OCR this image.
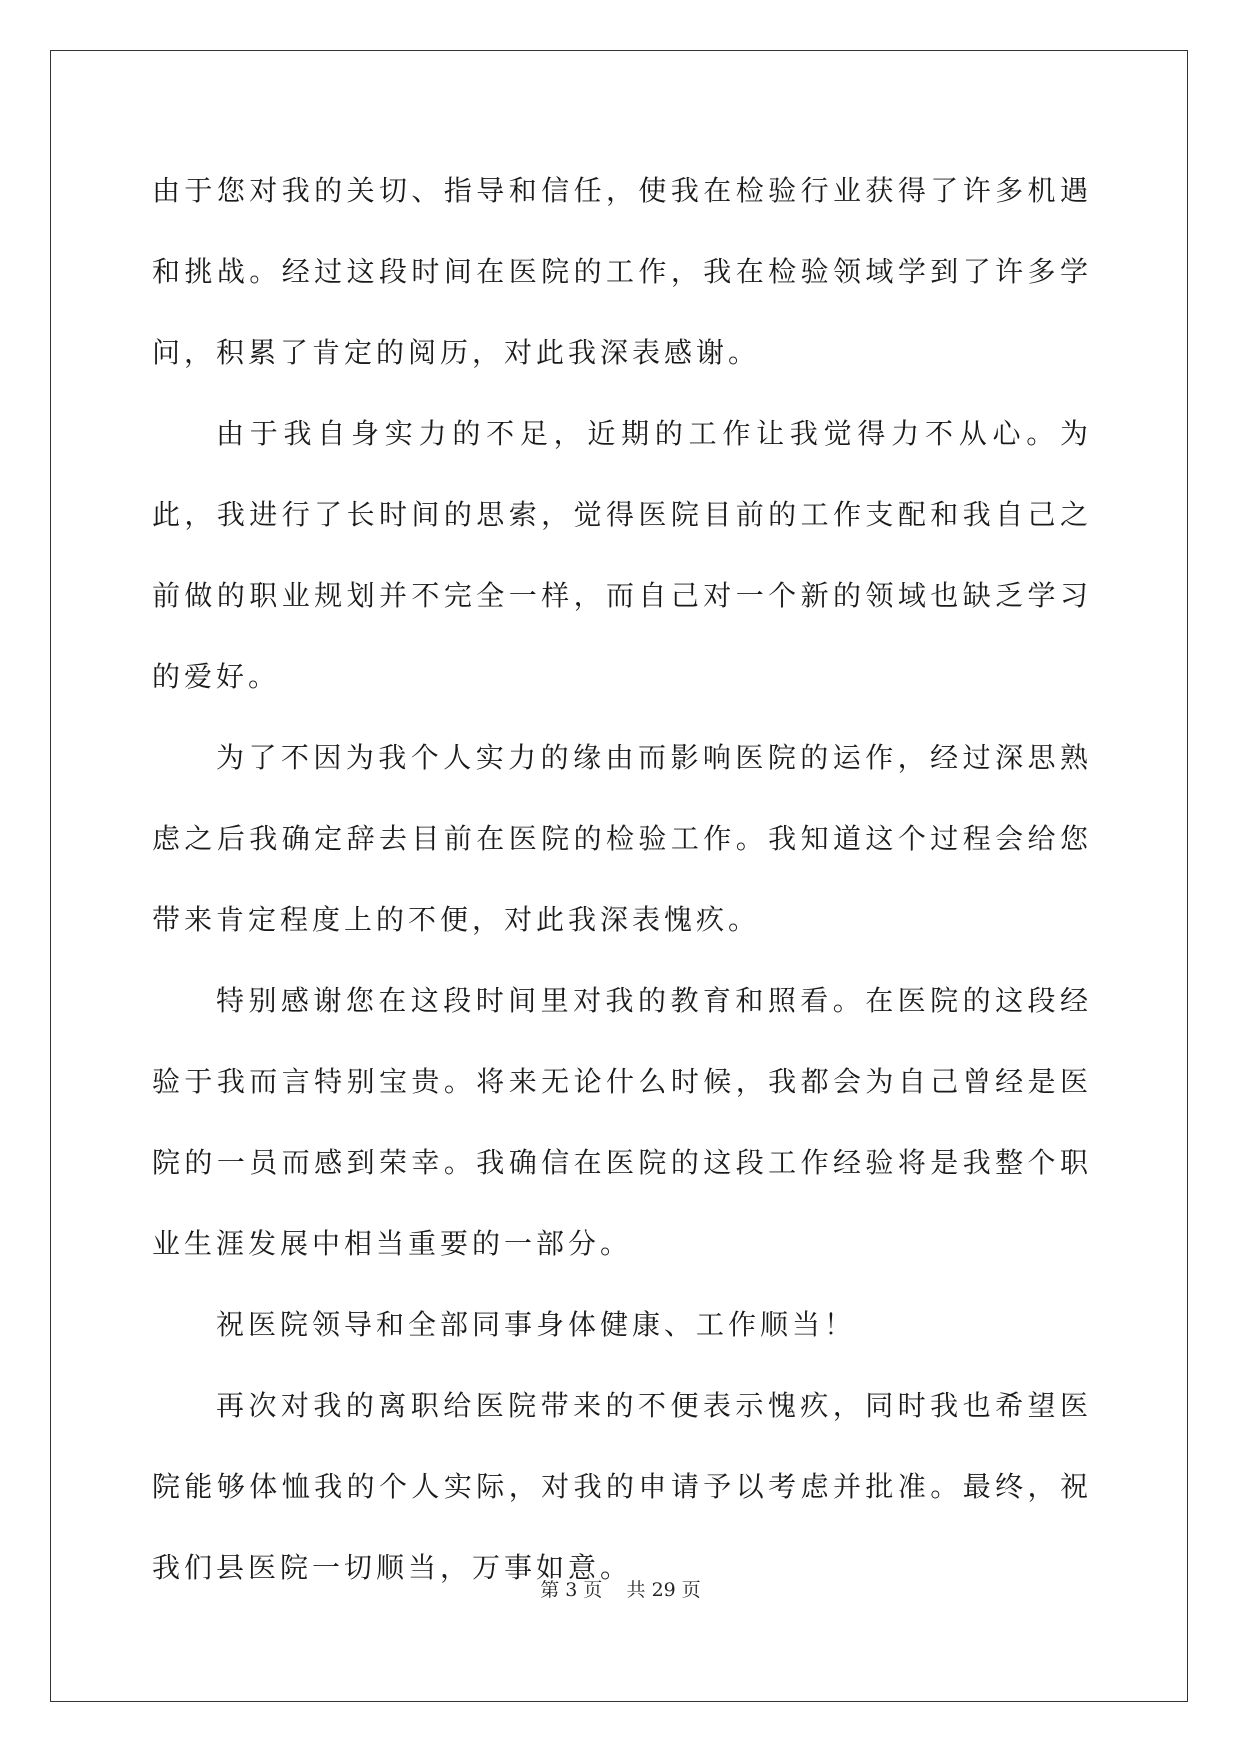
由于您对我的关切、指导和信任，使我在检验行业获得了许多机遇和挑战。经过这段时间在医院的工作，我在检验领域学到了许多学问，积累了肯定的阅历，对此我深表感谢。

由于我自身实力的不足，近期的工作让我觉得力不从心。为此，我进行了长时间的思索，觉得医院目前的工作支配和我自己之前做的职业规划并不完全一样，而自己对一个新的领域也缺乏学习的爱好。

为了不因为我个人实力的缘由而影响医院的运作，经过深思熟虑之后我确定辞去目前在医院的检验工作。我知道这个过程会给您带来肯定程度上的不便，对此我深表愧疚。

特别感谢您在这段时间里对我的教育和照看。在医院的这段经验于我而言特别宝贵。将来无论什么时候，我都会为自己曾经是医院的一员而感到荣幸。我确信在医院的这段工作经验将是我整个职业生涯发展中相当重要的一部分。

祝医院领导和全部同事身体健康、工作顺当！

再次对我的离职给医院带来的不便表示愧疚，同时我也希望医院能够体恤我的个人实际，对我的申请予以考虑并批准。最终，祝我们县医院一切顺当，万事如意。

第 3 页    共 29 页
